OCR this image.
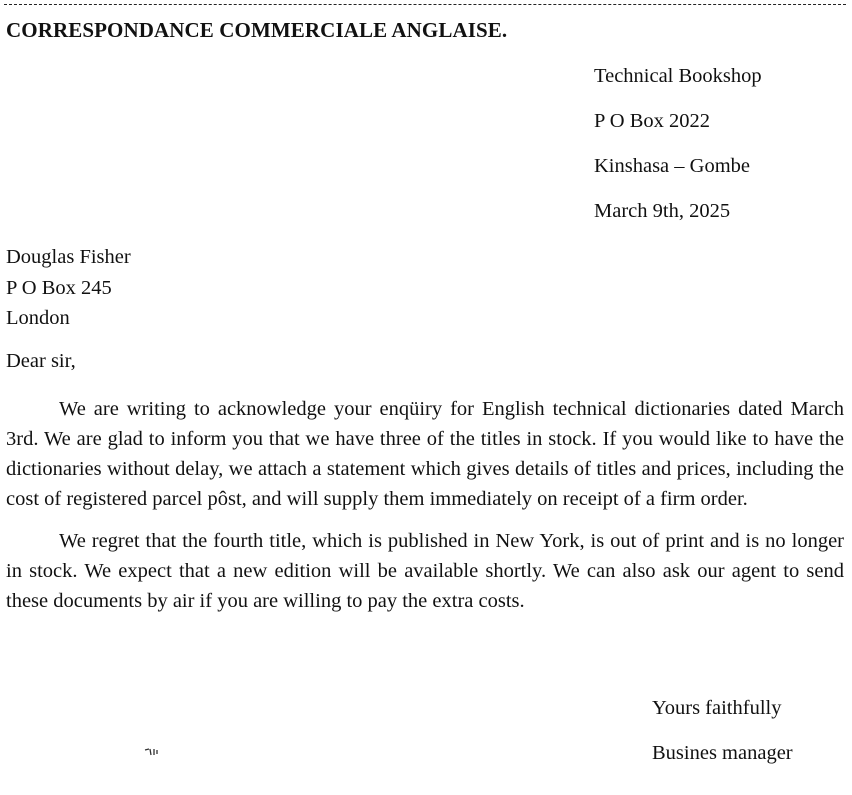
CORRESPONDANCE COMMERCIALE ANGLAISE.
Technical Bookshop
P O Box 2022
Kinshasa – Gombe
March 9th, 2025
Douglas Fisher
P O Box 245
London
Dear sir,

We are writing to acknowledge your enqüiry for English technical dictionaries dated March 3rd. We are glad to inform you that we have three of the titles in stock. If you would like to have the dictionaries without delay, we attach a statement which gives details of titles and prices, including the cost of registered parcel pôst, and will supply them immediately on receipt of a firm order.

We regret that the fourth title, which is published in New York, is out of print and is no longer in stock. We expect that a new edition will be available shortly. We can also ask our agent to send these documents by air if you are willing to pay the extra costs.

Yours faithfully
Busines manager
